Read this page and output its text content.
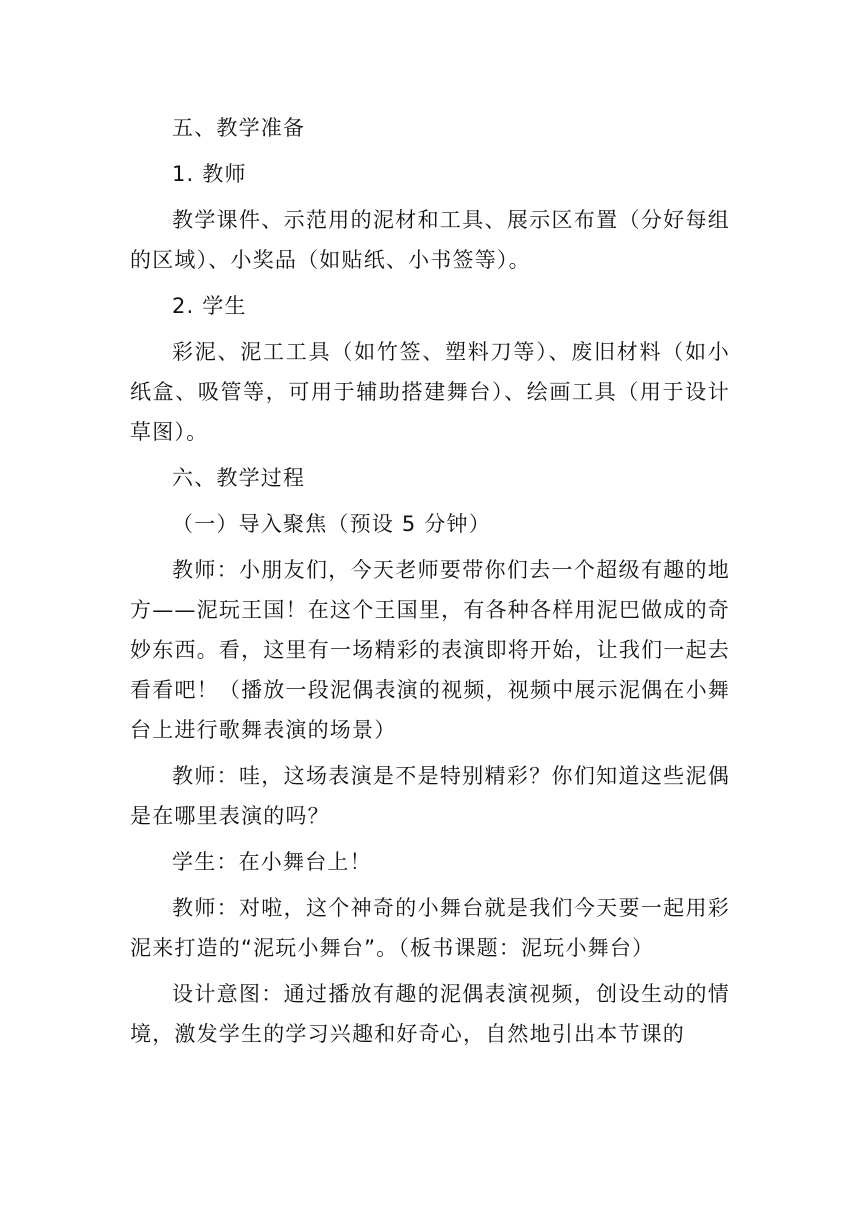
五、教学准备

1. 教师

教学课件、示范用的泥材和工具、展示区布置（分好每组的区域）、小奖品（如贴纸、小书签等）。

2. 学生

彩泥、泥工工具（如竹签、塑料刀等）、废旧材料（如小纸盒、吸管等，可用于辅助搭建舞台）、绘画工具（用于设计草图）。

六、教学过程

（一）导入聚焦（预设 5 分钟）

教师：小朋友们，今天老师要带你们去一个超级有趣的地方——泥玩王国！在这个王国里，有各种各样用泥巴做成的奇妙东西。看，这里有一场精彩的表演即将开始，让我们一起去看看吧！（播放一段泥偶表演的视频，视频中展示泥偶在小舞台上进行歌舞表演的场景）

教师：哇，这场表演是不是特别精彩？你们知道这些泥偶是在哪里表演的吗？

学生：在小舞台上！

教师：对啦，这个神奇的小舞台就是我们今天要一起用彩泥来打造的“泥玩小舞台”。（板书课题：泥玩小舞台）

设计意图：通过播放有趣的泥偶表演视频，创设生动的情境，激发学生的学习兴趣和好奇心，自然地引出本节课的
